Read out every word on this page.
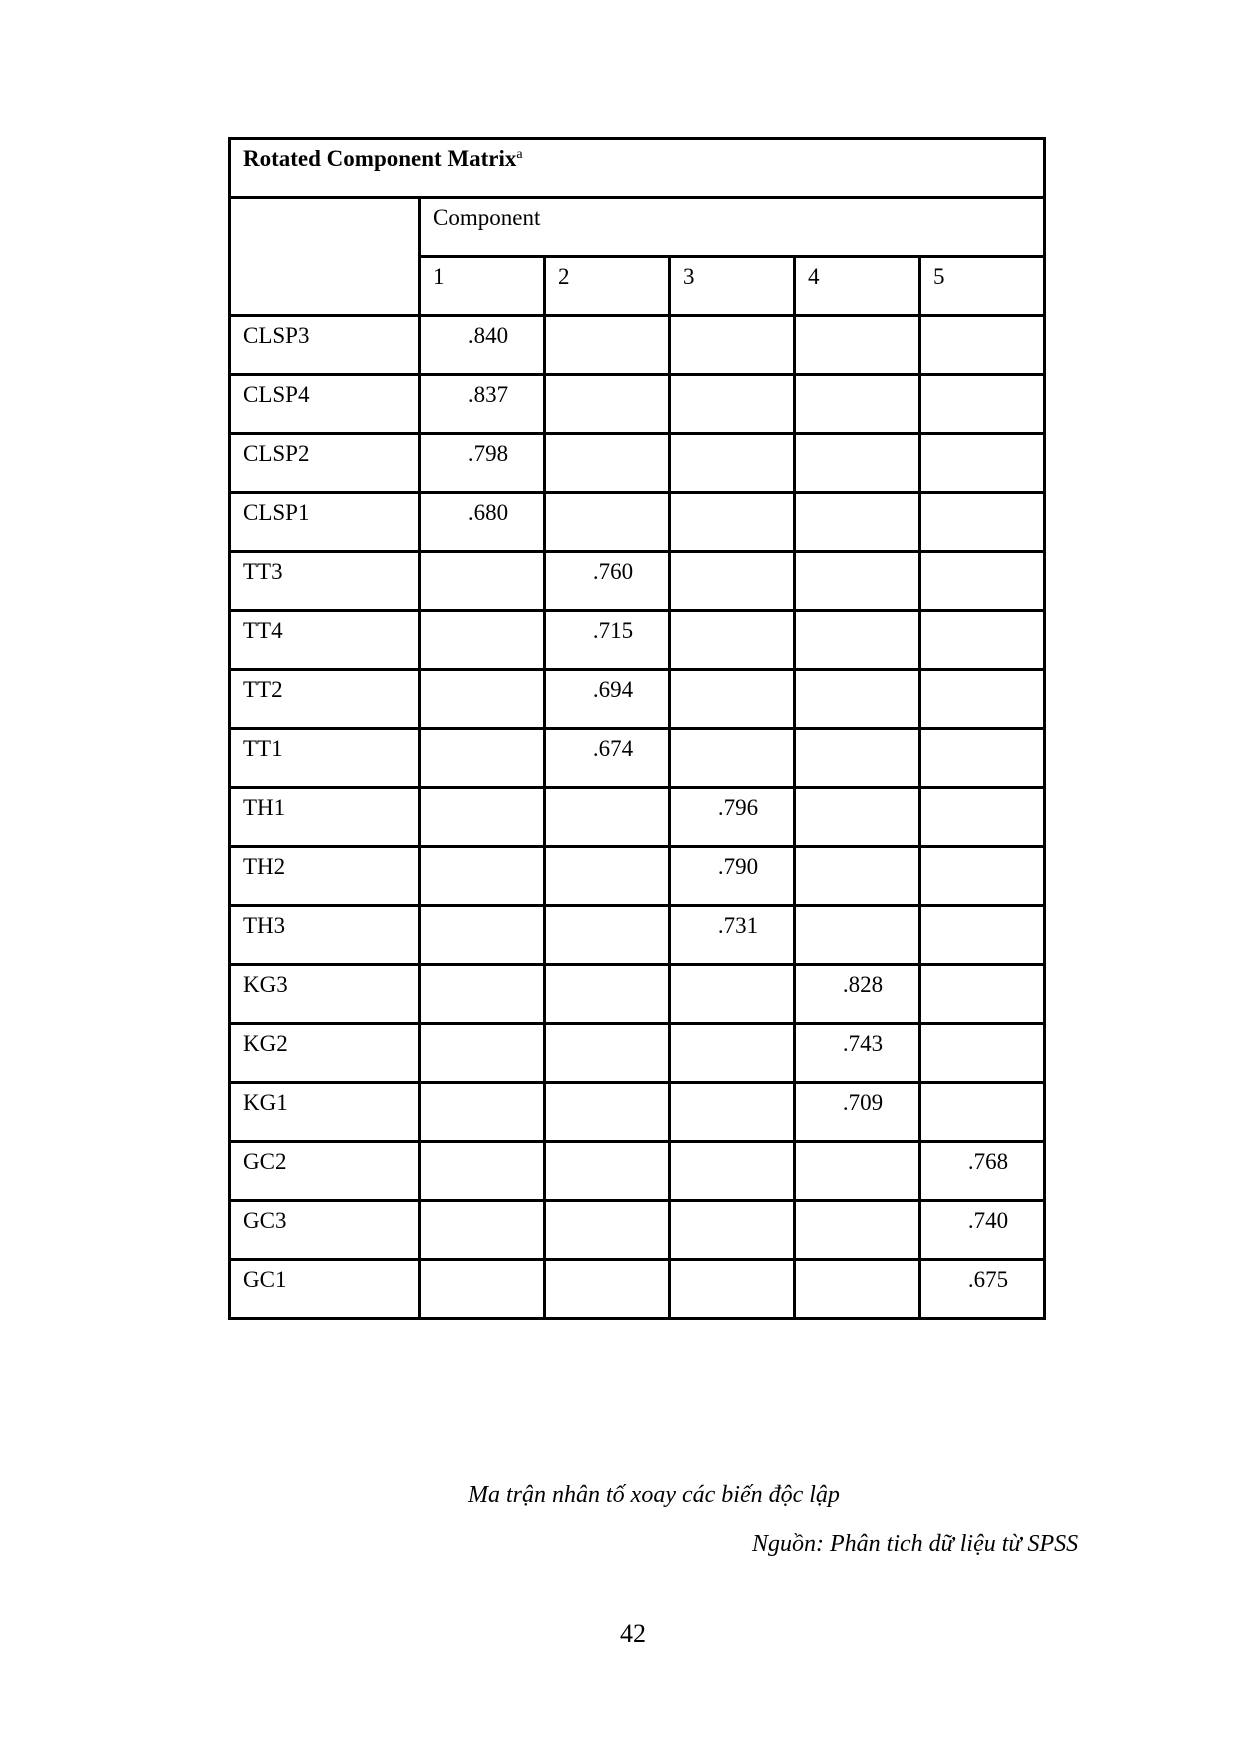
Rotated Component Matrix$^a$
	Component				
	1	2	3	4	5
CLSP3	.840				
CLSP4	.837				
CLSP2	.798				
CLSP1	.680				
TT3		.760			
TT4		.715			
TT2		.694			
TT1		.674			
TH1			.796		
TH2			.790		
TH3			.731		
KG3				.828	
KG2				.743	
KG1				.709	
GC2					.768
GC3					.740
GC1					.675
Ma trận nhân tố xoay các biến độc lập
Nguồn: Phân tich dữ liệu từ SPSS
42
